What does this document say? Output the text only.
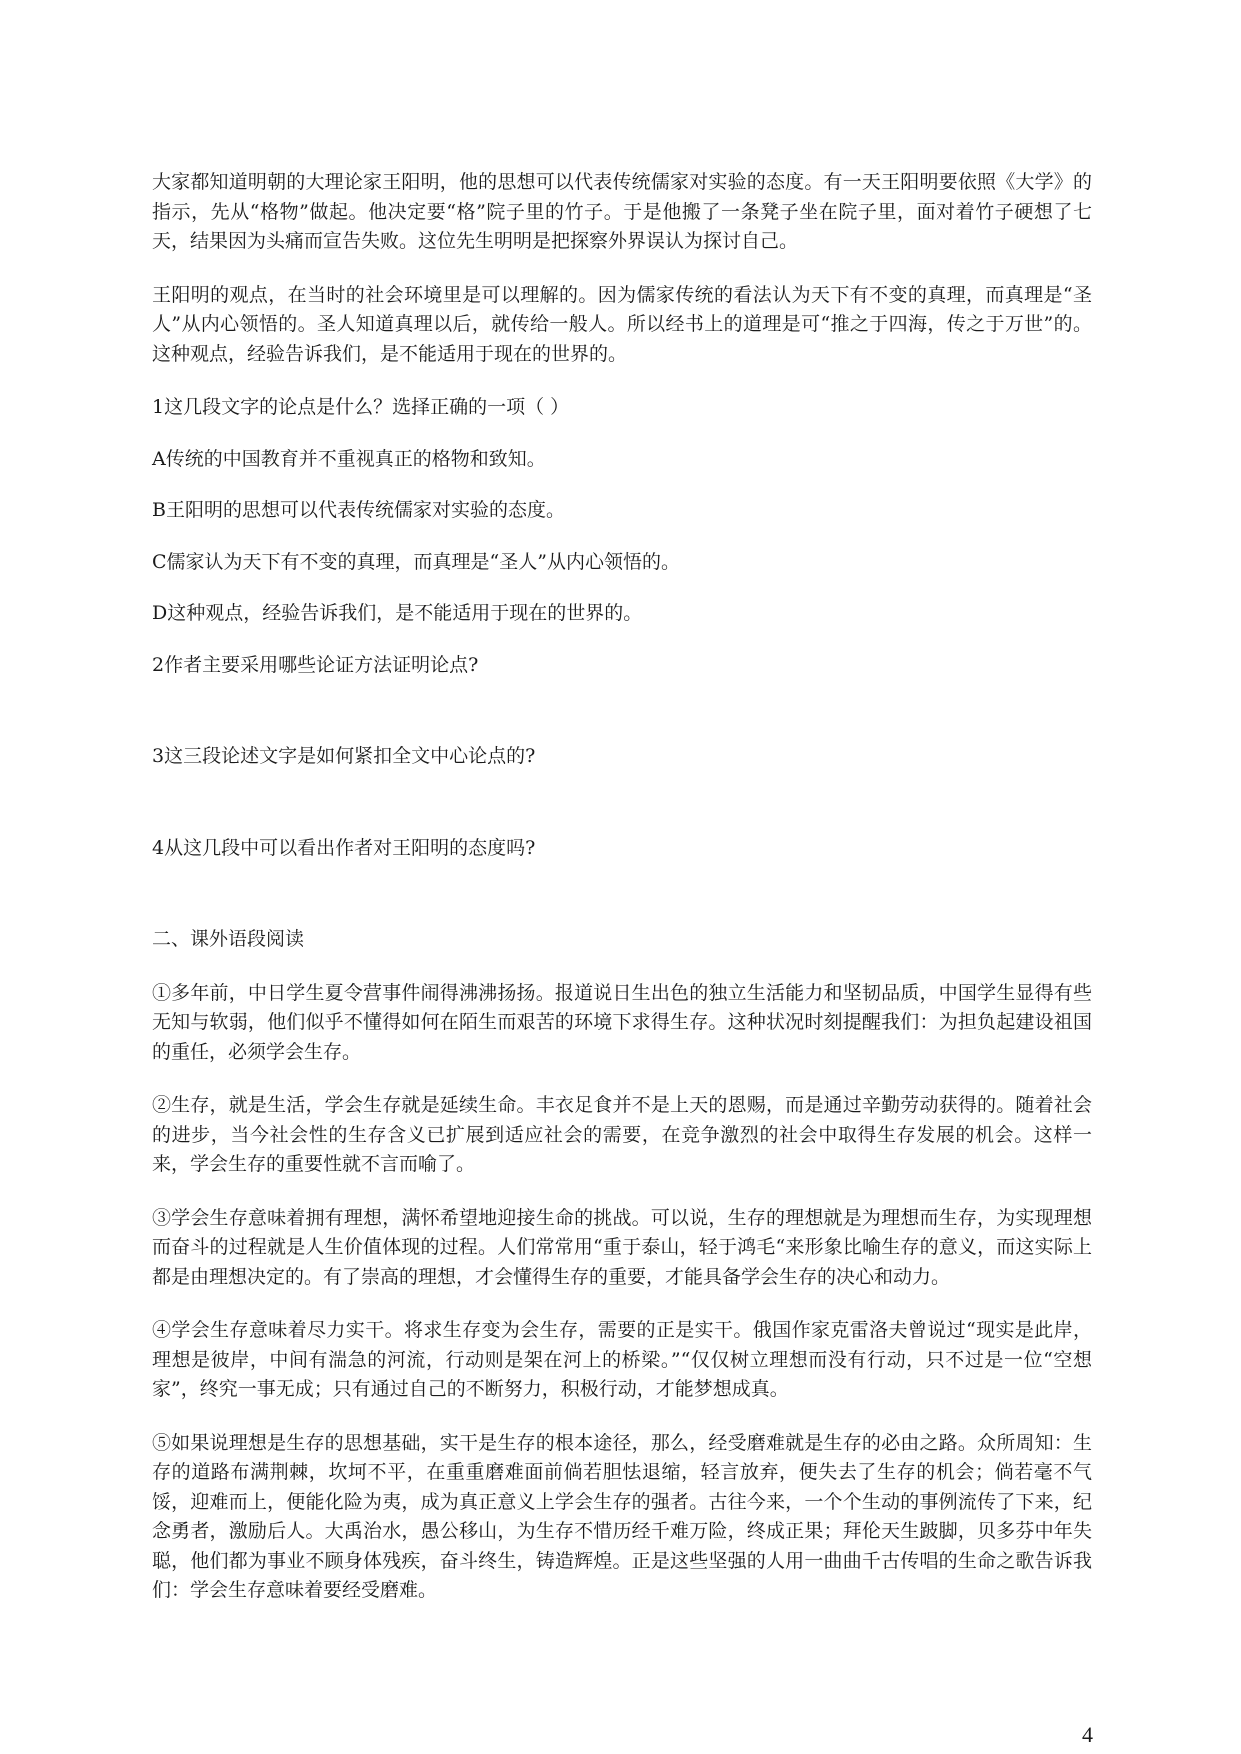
大家都知道明朝的大理论家王阳明，他的思想可以代表传统儒家对实验的态度。有一天王阳明要依照《大学》的指示，先从“格物”做起。他决定要“格”院子里的竹子。于是他搬了一条凳子坐在院子里，面对着竹子硬想了七天，结果因为头痛而宣告失败。这位先生明明是把探察外界误认为探讨自己。

王阳明的观点，在当时的社会环境里是可以理解的。因为儒家传统的看法认为天下有不变的真理，而真理是“圣人”从内心领悟的。圣人知道真理以后，就传给一般人。所以经书上的道理是可“推之于四海，传之于万世”的。这种观点，经验告诉我们，是不能适用于现在的世界的。

1这几段文字的论点是什么？选择正确的一项（ ）

A传统的中国教育并不重视真正的格物和致知。

B王阳明的思想可以代表传统儒家对实验的态度。

C儒家认为天下有不变的真理，而真理是“圣人”从内心领悟的。

D这种观点，经验告诉我们，是不能适用于现在的世界的。

2作者主要采用哪些论证方法证明论点?

3这三段论述文字是如何紧扣全文中心论点的?

4从这几段中可以看出作者对王阳明的态度吗?

二、课外语段阅读

①多年前，中日学生夏令营事件闹得沸沸扬扬。报道说日生出色的独立生活能力和坚韧品质，中国学生显得有些无知与软弱，他们似乎不懂得如何在陌生而艰苦的环境下求得生存。这种状况时刻提醒我们：为担负起建设祖国的重任，必须学会生存。

②生存，就是生活，学会生存就是延续生命。丰衣足食并不是上天的恩赐，而是通过辛勤劳动获得的。随着社会的进步，当今社会性的生存含义已扩展到适应社会的需要，在竞争激烈的社会中取得生存发展的机会。这样一来，学会生存的重要性就不言而喻了。

③学会生存意味着拥有理想，满怀希望地迎接生命的挑战。可以说，生存的理想就是为理想而生存，为实现理想而奋斗的过程就是人生价值体现的过程。人们常常用“重于泰山，轻于鸿毛“来形象比喻生存的意义，而这实际上都是由理想决定的。有了崇高的理想，才会懂得生存的重要，才能具备学会生存的决心和动力。

④学会生存意味着尽力实干。将求生存变为会生存，需要的正是实干。俄国作家克雷洛夫曾说过“现实是此岸，理想是彼岸，中间有湍急的河流，行动则是架在河上的桥梁。”“仅仅树立理想而没有行动，只不过是一位“空想家”，终究一事无成；只有通过自己的不断努力，积极行动，才能梦想成真。

⑤如果说理想是生存的思想基础，实干是生存的根本途径，那么，经受磨难就是生存的必由之路。众所周知：生存的道路布满荆棘，坎坷不平，在重重磨难面前倘若胆怯退缩，轻言放弃，便失去了生存的机会；倘若毫不气馁，迎难而上，便能化险为夷，成为真正意义上学会生存的强者。古往今来，一个个生动的事例流传了下来，纪念勇者，激励后人。大禹治水，愚公移山，为生存不惜历经千难万险，终成正果；拜伦天生跛脚，贝多芬中年失聪，他们都为事业不顾身体残疾，奋斗终生，铸造辉煌。正是这些坚强的人用一曲曲千古传唱的生命之歌告诉我们：学会生存意味着要经受磨难。

4
